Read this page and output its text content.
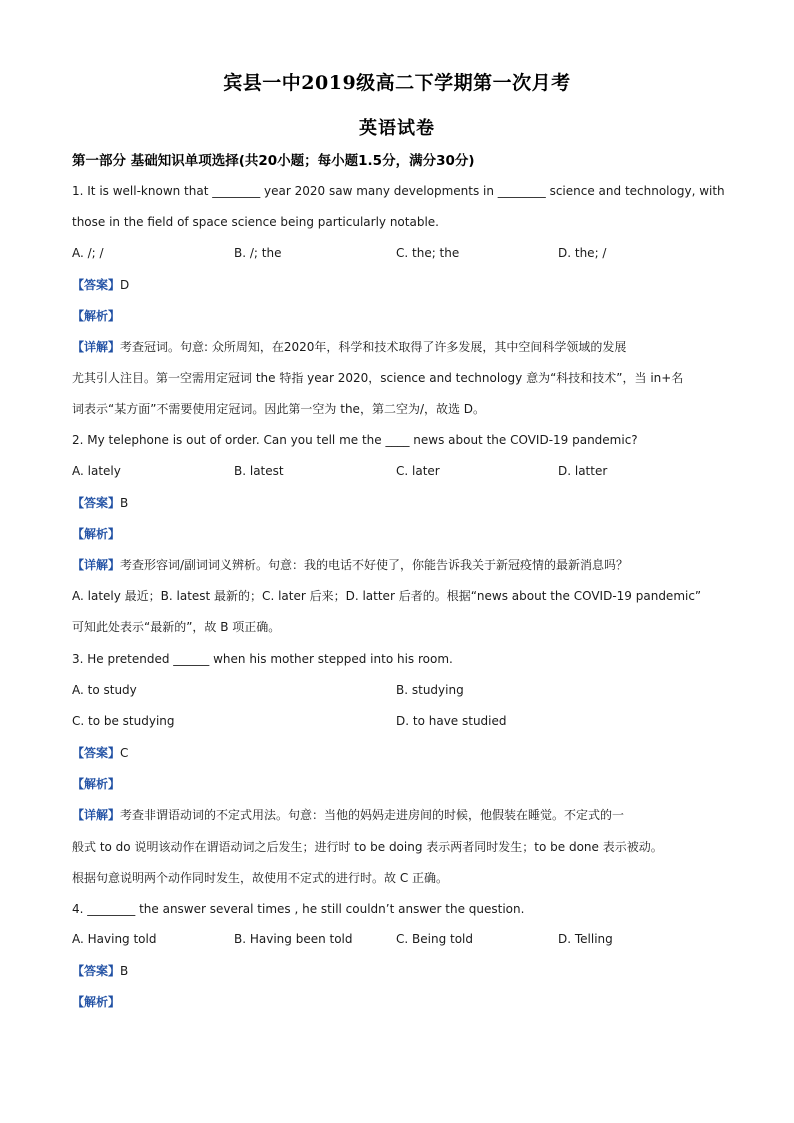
宾县一中2019级高二下学期第一次月考
英语试卷
第一部分 基础知识单项选择(共20小题；每小题1.5分，满分30分)
1. It is well-known that ________ year 2020 saw many developments in ________ science and technology, with
those in the field of space science being particularly notable.
A. /; /	B. /; the	C. the; the	D. the; /
【答案】D
【解析】
【详解】考查冠词。句意: 众所周知，在2020年，科学和技术取得了许多发展，其中空间科学领域的发展
尤其引人注目。第一空需用定冠词 the 特指 year 2020，science and technology 意为“科技和技术”，当 in+名
词表示“某方面”不需要使用定冠词。因此第一空为 the，第二空为/，故选 D。
2. My telephone is out of order. Can you tell me the ____ news about the COVID-19 pandemic?
A. lately	B. latest	C. later	D. latter
【答案】B
【解析】
【详解】考查形容词/副词词义辨析。句意：我的电话不好使了，你能告诉我关于新冠疫情的最新消息吗？
A. lately 最近；B. latest 最新的；C. later 后来；D. latter 后者的。根据“news about the COVID-19 pandemic”
可知此处表示“最新的”，故 B 项正确。
3. He pretended ______ when his mother stepped into his room.
A. to study	B. studying
C. to be studying	D. to have studied
【答案】C
【解析】
【详解】考查非谓语动词的不定式用法。句意：当他的妈妈走进房间的时候，他假装在睡觉。不定式的一
般式 to do 说明该动作在谓语动词之后发生；进行时 to be doing 表示两者同时发生；to be done 表示被动。
根据句意说明两个动作同时发生，故使用不定式的进行时。故 C 正确。
4. ________ the answer several times , he still couldn’t answer the question.
A. Having told	B. Having been told	C. Being told	D. Telling
【答案】B
【解析】
